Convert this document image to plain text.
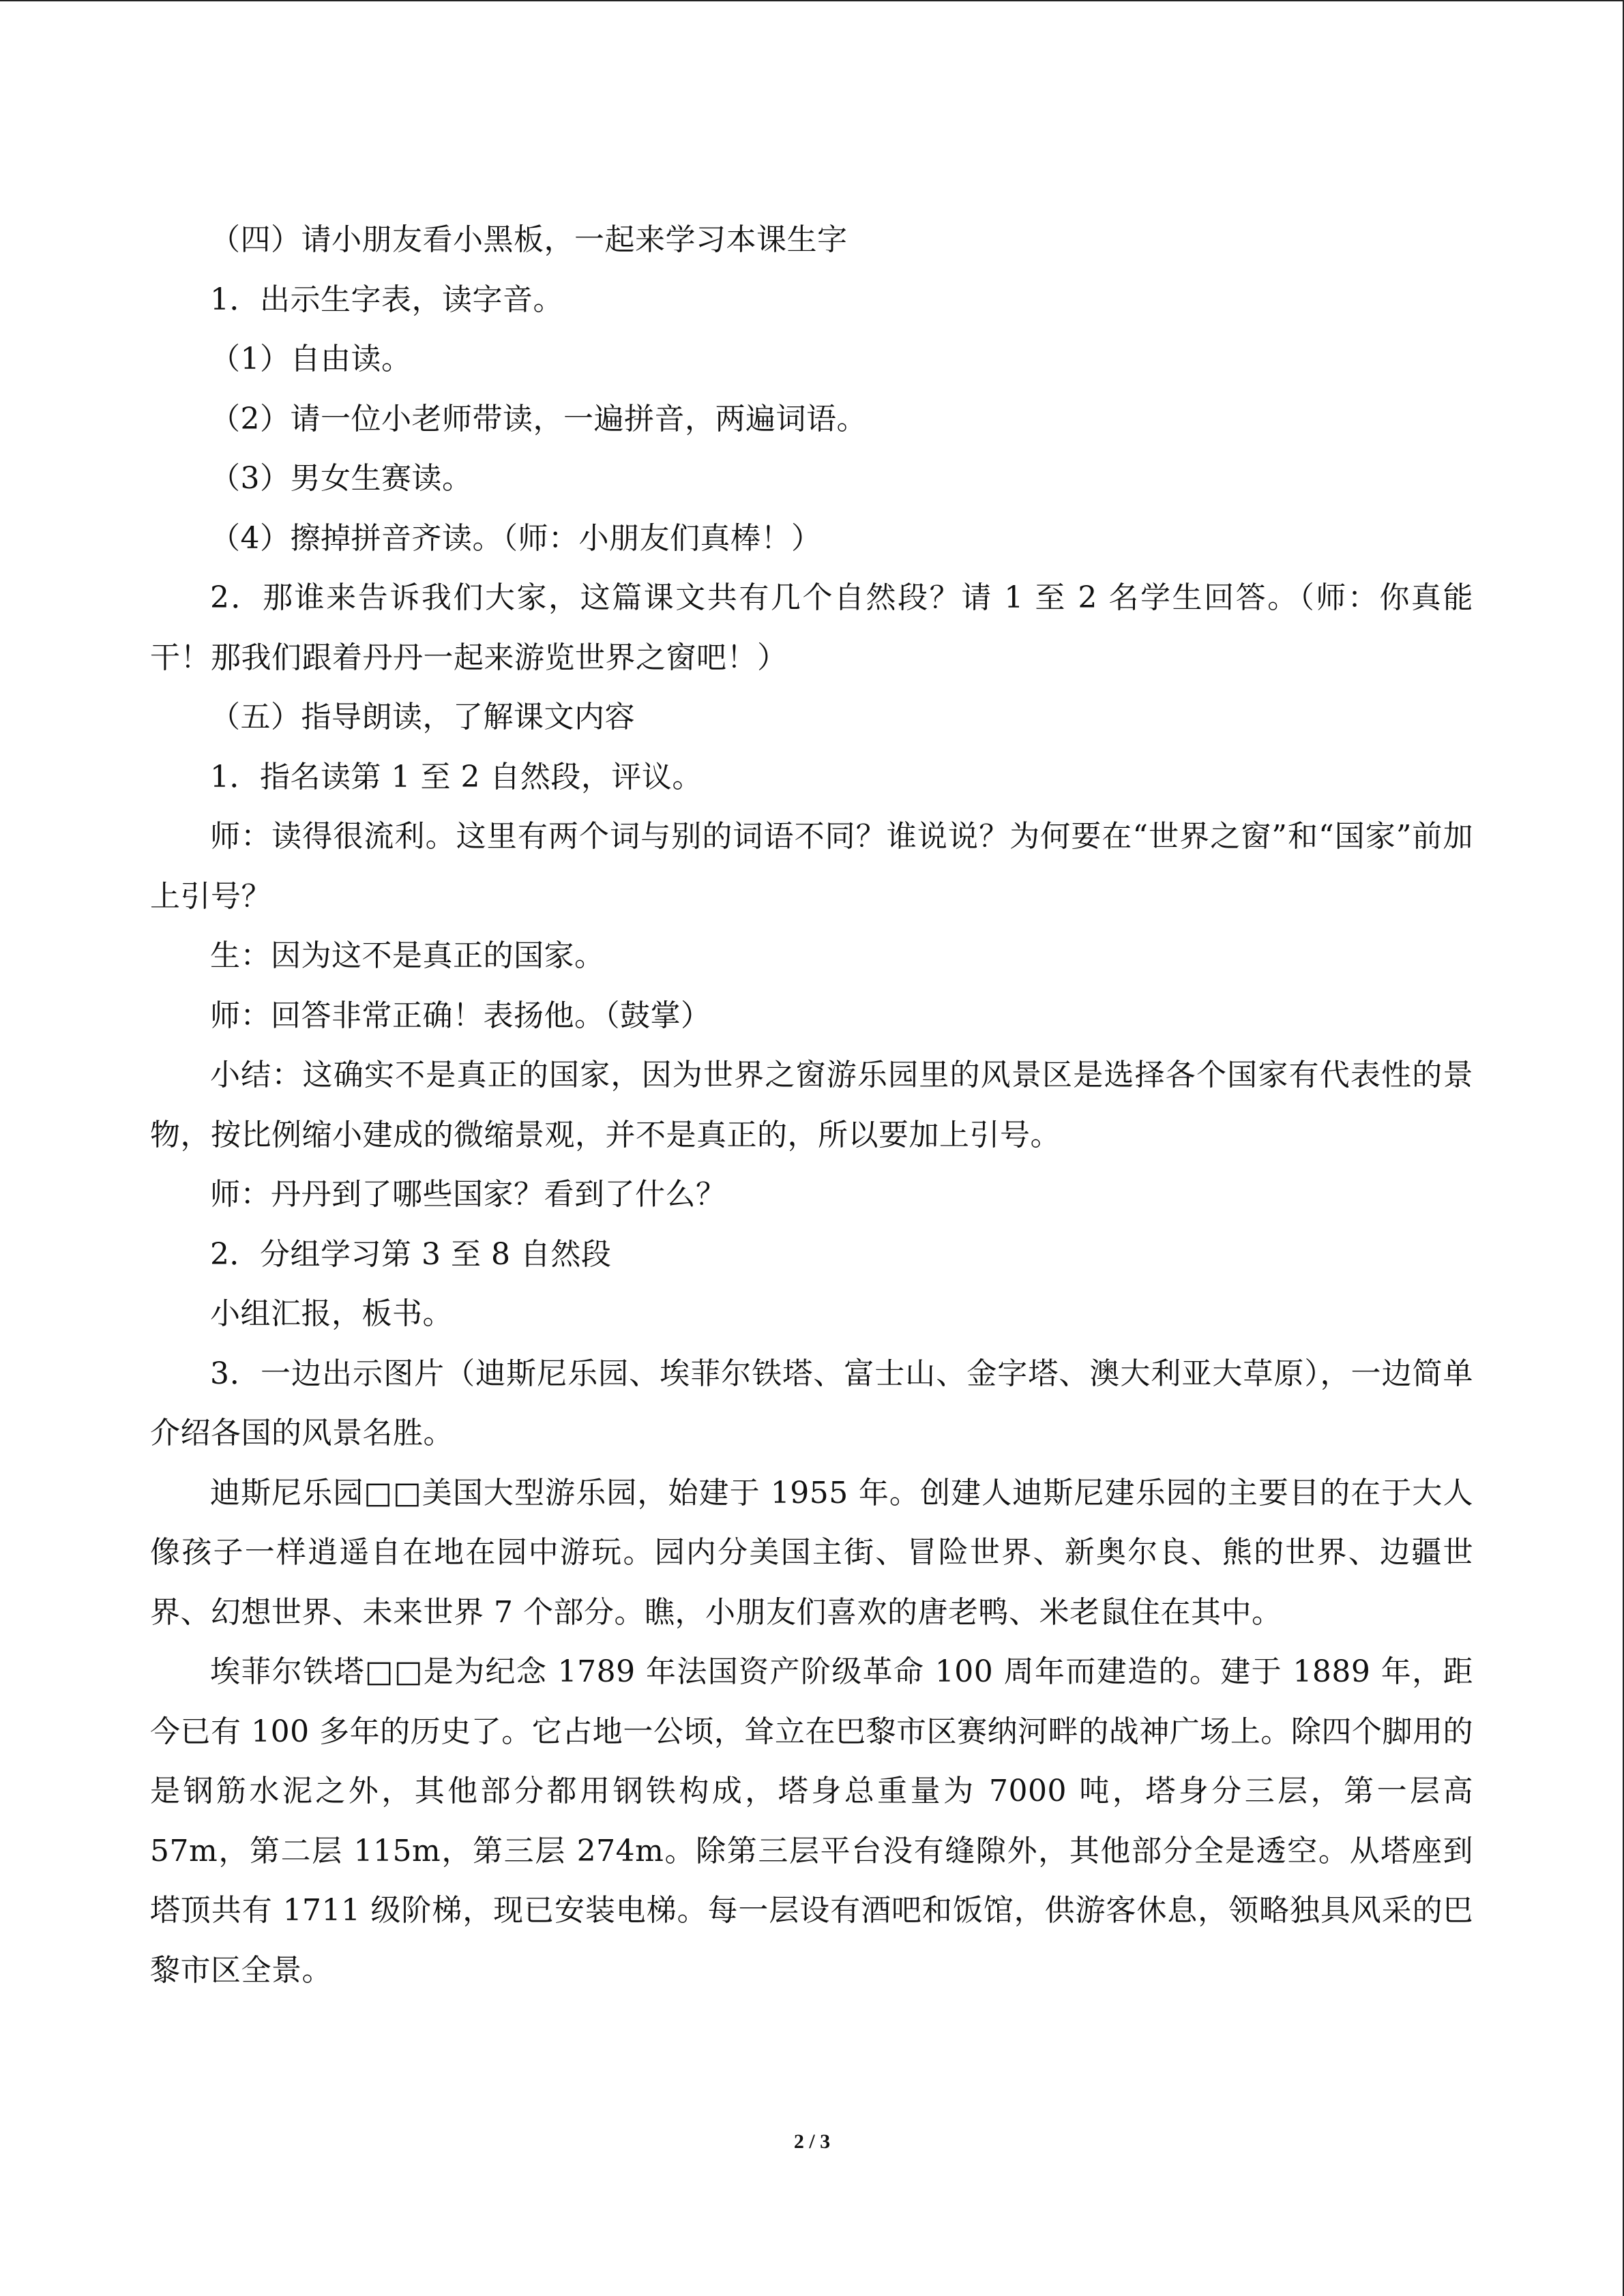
（四）请小朋友看小黑板，一起来学习本课生字

1．出示生字表，读字音。

（1）自由读。

（2）请一位小老师带读，一遍拼音，两遍词语。

（3）男女生赛读。

（4）擦掉拼音齐读。（师：小朋友们真棒！）

2．那谁来告诉我们大家，这篇课文共有几个自然段？请 1 至 2 名学生回答。（师：你真能干！那我们跟着丹丹一起来游览世界之窗吧！）

（五）指导朗读，了解课文内容

1．指名读第 1 至 2 自然段，评议。

师：读得很流利。这里有两个词与别的词语不同？谁说说？为何要在“世界之窗”和“国家”前加上引号？

生：因为这不是真正的国家。

师：回答非常正确！表扬他。（鼓掌）

小结：这确实不是真正的国家，因为世界之窗游乐园里的风景区是选择各个国家有代表性的景物，按比例缩小建成的微缩景观，并不是真正的，所以要加上引号。

师：丹丹到了哪些国家？看到了什么？

2．分组学习第 3 至 8 自然段

小组汇报，板书。

3．一边出示图片（迪斯尼乐园、埃菲尔铁塔、富士山、金字塔、澳大利亚大草原），一边简单介绍各国的风景名胜。

迪斯尼乐园□□美国大型游乐园，始建于 1955 年。创建人迪斯尼建乐园的主要目的在于大人像孩子一样逍遥自在地在园中游玩。园内分美国主街、冒险世界、新奥尔良、熊的世界、边疆世界、幻想世界、未来世界 7 个部分。瞧，小朋友们喜欢的唐老鸭、米老鼠住在其中。

埃菲尔铁塔□□是为纪念 1789 年法国资产阶级革命 100 周年而建造的。建于 1889 年，距今已有 100 多年的历史了。它占地一公顷，耸立在巴黎市区赛纳河畔的战神广场上。除四个脚用的是钢筋水泥之外，其他部分都用钢铁构成，塔身总重量为 7000 吨，塔身分三层，第一层高 57m，第二层 115m，第三层 274m。除第三层平台没有缝隙外，其他部分全是透空。从塔座到塔顶共有 1711 级阶梯，现已安装电梯。每一层设有酒吧和饭馆，供游客休息，领略独具风采的巴黎市区全景。

2 / 3
